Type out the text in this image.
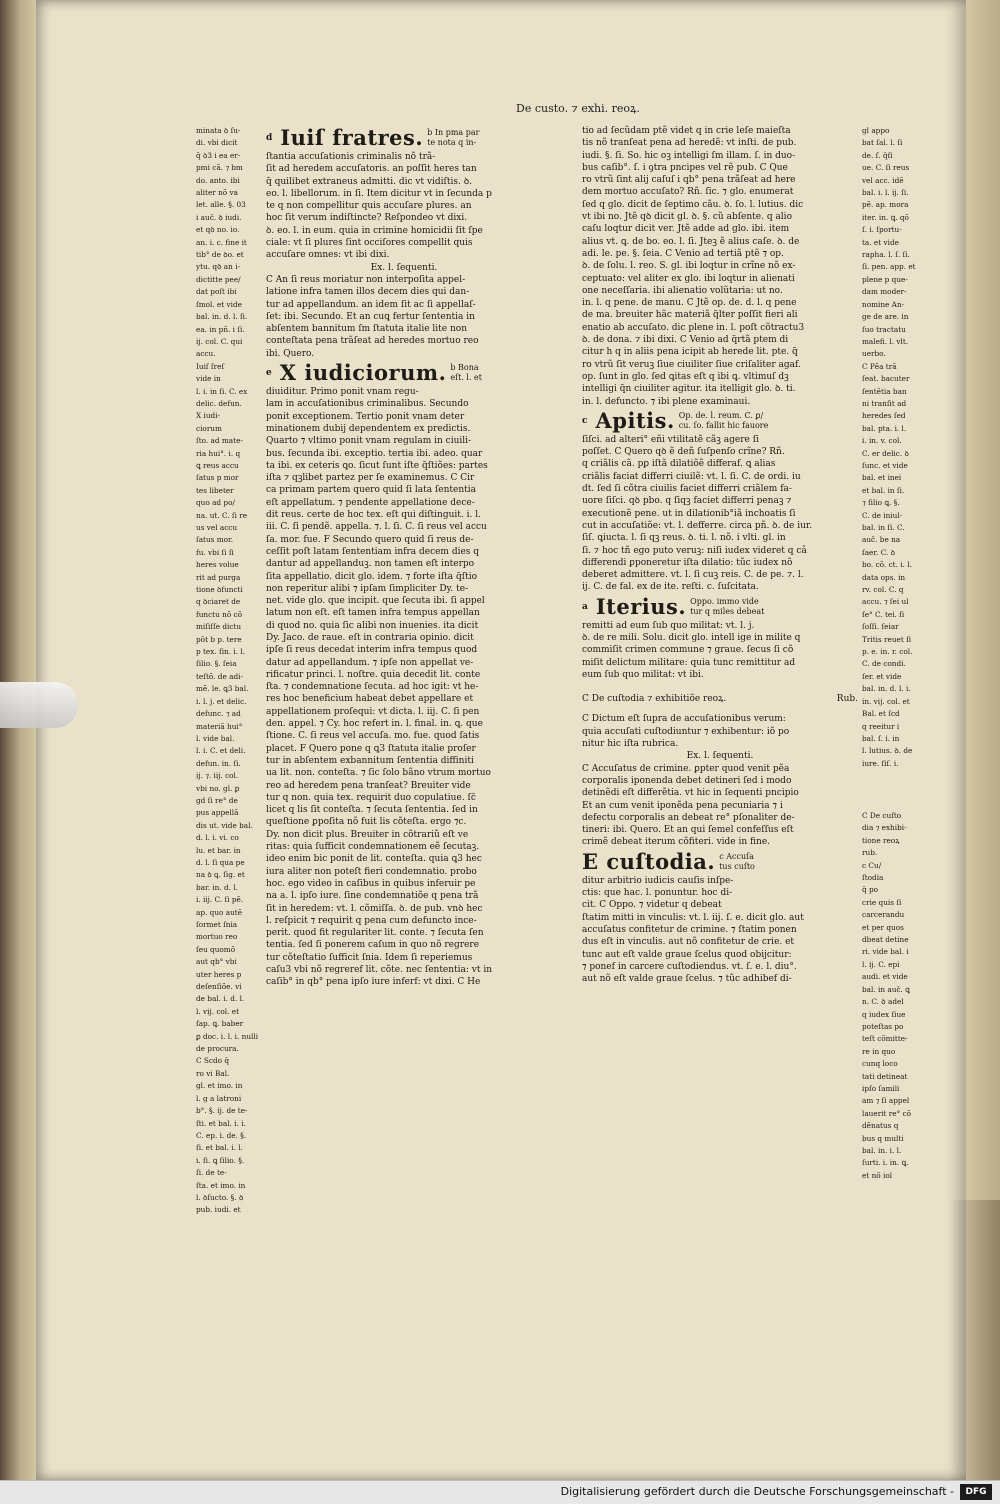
De custo. ⁊ exhi. reoꝝ.
minata ꝺ ſu-
di. vbi dicit
q̄ ꝺ3 i ea er-
pmi cã. ⁊ bm
do. anto. ibi
aliter nõ va
let. alle. §. 03
i auč. ꝺ iudi.
et qꝺ no. io.
an. i. c. fine it
tib° de ꝺo. et
ytu. qꝺ an i-
dictitte pee/
dat poſt ibi
ſmol. et vide
bal. in. d. l. ſi.
ea. in pñ. i ſi.
ij. col. C. qui
accu.
Iuiſ ſreſ
vide in
l. i. in ſi. C. ex
delic. defun.
X iudi-
ciorum
ſto. ad mate-
ria hui°. i. q
ꝗ reus accu
ſatus p mor
tes libeter
quo ad po/
na. ut. C. ſi re
us vel accu
ſatus mor.
fu. vbi ſi ſi
heres volue
rit ad purga
tione ꝺfuncti
q ꝺciaret de
functu nõ cõ
miſiſſe dictu
põt b p. tere
p tex. ſin. i. l.
ſilio. §. ſeia
teſtõ. de adi-
mẽ. le. ꝗ3 bal.
i. l. j. et delic.
defunc. ⁊ ad
materiã hui°
l. vide bal.
l. i. C. et deli.
defun. in. ſi.
ij. ⁊. iij. col.
vbi no. gl. ꝑ
gd ſi re° de
pus appellã
dis ut. vide bal.
d. l. i. vi. co
lu. et bar. in
d. l. ſi qua pe
na ꝺ ꝗ. ſig. et
bar. in. d. l.
i. iij. C. ſi pẽ.
ap. quo autẽ
ſormet ſnia
mortuo reo
ſeu quomõ
aut qb° vbi
uter heres p
deſenſiõe. vi
de bal. i. d. l.
l. vij. col. et
ſap. ꝗ. baber
ꝑ doc. i. l. i. nulli
de procura.
C Scdo q̄
ro vi Bal.
gl. et imo. in
l. g a latroni
b°. §. ij. de te-
ſti. et bal. i. i.
C. ep. i. de. §.
ſi. et bal. i. l.
i. ſi. ꝗ ſilio. §.
ſi. de te-
ſta. et imo. in
l. ꝺſucto. §. ꝺ
pub. iudi. et
d Iuiſ fratres. b In pma par
te nota q in-
ſtantia accuſationis criminalis nõ trã-
ſit ad heredem accuſatoris. an poſſit heres tan
q̄ quilibet extraneus admitti. dic vt vidiſtis. ꝺ.
eo. l. libellorum. in ſi. Item dicitur vt in ſecunda p
te q non compellitur quis accuſare plures. an
hoc ſit verum indiſtincte? Reſpondeo vt dixi.
ꝺ. eo. l. in eum. quia in crimine homicidii ſit ſpe
ciale: vt ſi plures ſint occiſores compellit quis
accuſare omnes: vt ibi dixi.
Ex. l. ſequenti.
C An ſi reus moriatur non interpoſita appel-
latione infra tamen illos decem dies qui dan-
tur ad appellandum. an idem ſit ac ſi appellaſ-
ſet: ibi. Secundo. Et an cuꝗ fertur ſententia in
abſentem bannitum ſm ſtatuta italie lite non
conteſtata pena trãſeat ad heredes mortuo reo
ibi. Quero.
e X iudiciorum. b Bona
eſt. l. et
diuiditur. Primo ponit vnam regu-
lam in accuſationibus criminalibus. Secundo
ponit exceptionem. Tertio ponit vnam deter
minationem dubij dependentem ex predictis.
Quarto ⁊ vltimo ponit vnam regulam in ciuili-
bus. ſecunda ibi. exceptio. tertia ibi. adeo. quar
ta ibi. ex ceteris ꝗo. ſicut ſunt iſte q̄ſtiões: partes
iſta ⁊ qꝫlibet partez per ſe examinemus. C Cir
ca primam partem quero quid ſi lata ſententia
eſt appellatum. ⁊ pendente appellatione dece-
dit reus. certe de hoc tex. eſt qui diſtinguit. i. l.
iii. C. ſi pendẽ. appella. ⁊. l. ſi. C. ſi reus vel accu
ſa. mor. fue. F Secundo quero quid ſi reus de-
ceſſit poſt latam ſententiam infra decem dies q
dantur ad appellanduꝫ. non tamen eſt interpo
ſita appellatio. dicit glo. idem. ⁊ forte iſta q̄ſtio
non reperitur alibi ⁊ ipſam ſimpliciter Dy. te-
net. vide glo. que incipit. que ſecuta ibi. ſi appel
latum non eſt. eſt tamen infra tempus appellan
di quod no. quia ſic alibi non inuenies. ita dicit
Dy. Jaco. de raue. eſt in contraria opinio. dicit
ipſe ſi reus decedat interim infra tempus quod
datur ad appellandum. ⁊ ipſe non appellat ve-
rificatur princi. l. noſtre. quia decedit lit. conte
ſta. ⁊ condemnatione ſecuta. ad hoc igit: vt he-
res hoc beneficium habeat debet appellare et
appellationem proſequi: vt dicta. l. iij. C. ſi pen
den. appel. ⁊ Cy. hoc refert in. l. final. in. ꝗ. que
ſtione. C. ſi reus vel accuſa. mo. fue. quod ſatis
placet. F Quero pone q ꝗ3 ſtatuta italie proſer
tur in abſentem exbannitum ſententia diffiniti
ua lit. non. conteſta. ⁊ ſic ſolo bãno vtrum mortuo
reo ad heredem pena tranſeat? Breuiter vide
tur q non. quia tex. requirit duo copulatiue. ſc̄
licet q lis ſit conteſta. ⁊ ſecuta ſententia. ſed in
queſtione ꝑpoſita nõ fuit lis cõteſta. ergo ⁊c.
Dy. non dicit plus. Breuiter in cõtrariũ eſt ve
ritas: quia ſufficit condemnationem eẽ ſecutaꝫ.
ideo enim bic ponit de lit. conteſta. quia ꝗ3 hec
iura aliter non poteſt fieri condemnatio. probo
hoc. ego video in caſibus in quibus inferuir pe
na a. l. ipſo iure. ſine condemnatiõe q pena trã
ſit in heredem: vt. l. cõmiſſa. ꝺ. de pub. vnꝺ hec
l. reſpicit ⁊ requirit q pena cum defuncto ince-
perit. quod fit regulariter lit. conte. ⁊ ſecuta ſen
tentia. ſed ſi ponerem caſum in quo nõ regrere
tur cõteſtatio ſufficit ſnia. Idem ſi reperiemus
caſu3 vbi nõ regreref lit. cõte. nec ſententia: vt in
caſib° in qb° pena ipſo iure inferf: vt dixi. C He
tio ad ſecũdam ptẽ videt q in crie leſe maieſta
tis nõ tranſeat pena ad heredẽ: vt inſti. de pub.
iudi. §. ſi. So. hic oꝫ intelligi ſm illam. ſ. in duo-
bus caſib°. ſ. i ꝯtra pncipes vel rẽ pub. C Que
ro vtrũ ſint alij caſuſ i qb° pena trãſeat ad here
dem mortuo accuſato? Rñ. ſic. ⁊ glo. enumerat
ſed q glo. dicit de ſeptimo cãu. ꝺ. ſo. l. lutius. dic
vt ibi no. Jtẽ qꝺ dicit gl. ꝺ. §. cũ abſente. q alio
caſu loqtur dicit ver. Jtẽ adde ad glo. ibi. item
alius vt. ꝗ. de bo. eo. l. ſi. Jteꝫ ẽ alius caſe. ꝺ. de
adi. le. pe. §. ſeia. C Venio ad tertiã ptẽ ⁊ op.
ꝺ. de ſolu. l. reo. S. gl. ibi loqtur in crĩne nõ ex-
ceptuato: vel aliter ex glo. ibi loqtur in alienati
one neceſſaria. ibi alienatio volũtaria: ut no.
in. l. q pene. de manu. C Jtẽ op. de. d. l. q pene
de ma. breuiter hãc materiã q̃lter poſſit fieri ali
enatio ab accuſato. dic plene in. l. poſt cõtractu3
ꝺ. de dona. ⁊ ibi dixi. C Venio ad q̃rtã ptem di
citur h q in aliis pena icipit ab herede lit. pte. q̃
ro vtrũ ſit veruꝫ ſiue ciuiliter ſiue criſaliter agaf.
op. ſunt in glo. ſed ꝗitas eſt q ibi ꝗ. vltimuſ dꝫ
intelligi q̃n ciuiliter agitur. ita itelligit glo. ꝺ. ti.
in. l. defuncto. ⁊ ibi plene examinaui.
c Apitis. Op. de. l. reum. C. ꝑ/
cu. ſo. fallit hic fauore
ſiſci. ad alteri° eñi vtilitatẽ cãꝫ agere ſi
poſſet. C Quero qꝺ ẽ deñ ſuſpenſo crĩne? Rñ.
q criãlis cã. pꝑ iſtã dilatiõẽ differaf. ꝗ alias
criãlis faciat differri ciuilẽ: vt. l. ſi. C. de ordi. iu
dt. ſed ſi cõtra ciuilis faciet differri criãlem fa-
uore ſiſci. qꝺ pbo. q ſiqꝫ faciet differri penaꝫ ⁊
executionẽ pene. ut in dilationib°iã inchoatis ſi
cut in accuſatiõe: vt. l. defferre. circa pñ. ꝺ. de iur.
ſiſ. ꝗiucta. l. ſi qꝫ reus. ꝺ. ti. l. nõ. i vlti. gl. in
ſi. ⁊ hoc tñ ego puto veruꝫ: niſi iudex videret q câ
differendi ꝑponeretur iſta dilatio: tũc iudex nõ
deberet admittere. vt. l. ſi cuꝫ reis. C. de pe. ⁊. l.
ij. C. de fal. ex de ite. reſti. c. ſuſcitata.
a Iterius. Oppo. immo vide
tur q miles debeat
remitti ad eum ſub quo militat: vt. l. j.
ꝺ. de re mili. Solu. dicit glo. intell ige in milite q
commiſit crimen commune ⁊ graue. ſecus ſi cõ
miſit delictum militare: quia tunc remittitur ad
eum ſub quo militat: vt ibi.
C De cuſtodia ⁊ exhibitiõe reoꝝ.	Rub.
C Dictum eſt ſupra de accuſationibus verum:
quia accuſati cuſtodiuntur ⁊ exhibentur: iõ po
nitur hic iſta rubrica.
Ex. l. ſequenti.
C Accuſatus de crimine. ꝑpter quod venit pẽa
corporalis iponenda debet detineri ſed i modo
detinẽdi eſt differẽtia. vt hic in ſequenti pncipio
Et an cum venit iponẽda pena pecuniaria ⁊ i
defectu corporalis an debeat re° pſonaliter de-
tineri: ibi. Quero. Et an qui ſemel confeſſus eſt
crimẽ debeat iterum cõfiteri. vide in fine.
E cuſtodia. c Accuſa
tus cuſto
ditur arbitrio iudicis cauſis inſpe-
ctis: que hac. l. ponuntur. hoc di-
cit. C Oppo. ⁊ videtur q debeat
ſtatim mitti in vinculis: vt. l. iij. ſ. e. dicit glo. aut
accuſatus confitetur de crimine. ⁊ ſtatim ponen
dus eſt in vinculis. aut nõ confitetur de crie. et
tunc aut eſt valde graue ſcelus quod obijcitur:
⁊ ponef in carcere cuſtodiendus. vt. ſ. e. l. diu°.
aut nõ eſt valde graue ſcelus. ⁊ tũc adhibef di-
gl appo
bat ſal. l. ſi
de. ſ. q̄ſi
ue. C. ſi reus
vel acc. idẽ
bal. i. l. ij. ſi.
pẽ. ap. mora
iter. in. ꝗ. qõ
ſ. i. ſportu-
ta. et vide
rapha. l. ſ. ſi.
ſi. pen. app. et
plene p que-
dam moder-
nomine An-
ge de are. in
ſuo tractatu
malefi. l. vlt.
uerbo.
C Pẽa trã
ſeat. bacuter
ſentẽtia ban
ni tranſit ad
heredes ſed
bal. pta. i. l.
i. in. v. col.
C. er delic. ꝺ
ſunc. et vide
bal. et inei
et bal. in ſi.
⁊ ſilio ꝗ. §.
C. de iniul-
bal. in ſi. C.
auč. be na
ſaer. C. ꝺ
bo. cõ. ct. i. l.
data ops. in
rv. col. C. q
accu. ⁊ ſei ul
ſe° C. tei. ſi
ſoſſi. ſeiar
Tritis reuet ſi
p. e. in. r. col.
C. de condi.
ſer. et vide
bal. in. d. l. i.
in. vij. col. et
Bal. et ſcd
q reeitur i
bal. ſ. i. in
l. lutius. ꝺ. de
iure. ſiſ. i.
C De cuſto
dia ⁊ exhibi-
tione reoꝝ
rub.
c Cu/
ſtodia
q̄ po
crie quis ſi
carcerandu
et per quos
dbeat detine
ri. vide bal. i
l. ij. C. epi
audi. et vide
bal. in auč. ꝗ
n. C. ꝺ adel
q iudex ſiue
poteſtas po
teſt cõmitte-
re in quo
cunq loco
tati detineat
ipſo ſamili
am ⁊ ſi appel
lauerit re° cõ
dẽnatus q
bus q multi
bal. in. i. l.
ſurti. i. in. ꝗ.
et nõ iol
Digitalisierung gefördert durch die Deutsche Forschungsgemeinschaft -	DFG
